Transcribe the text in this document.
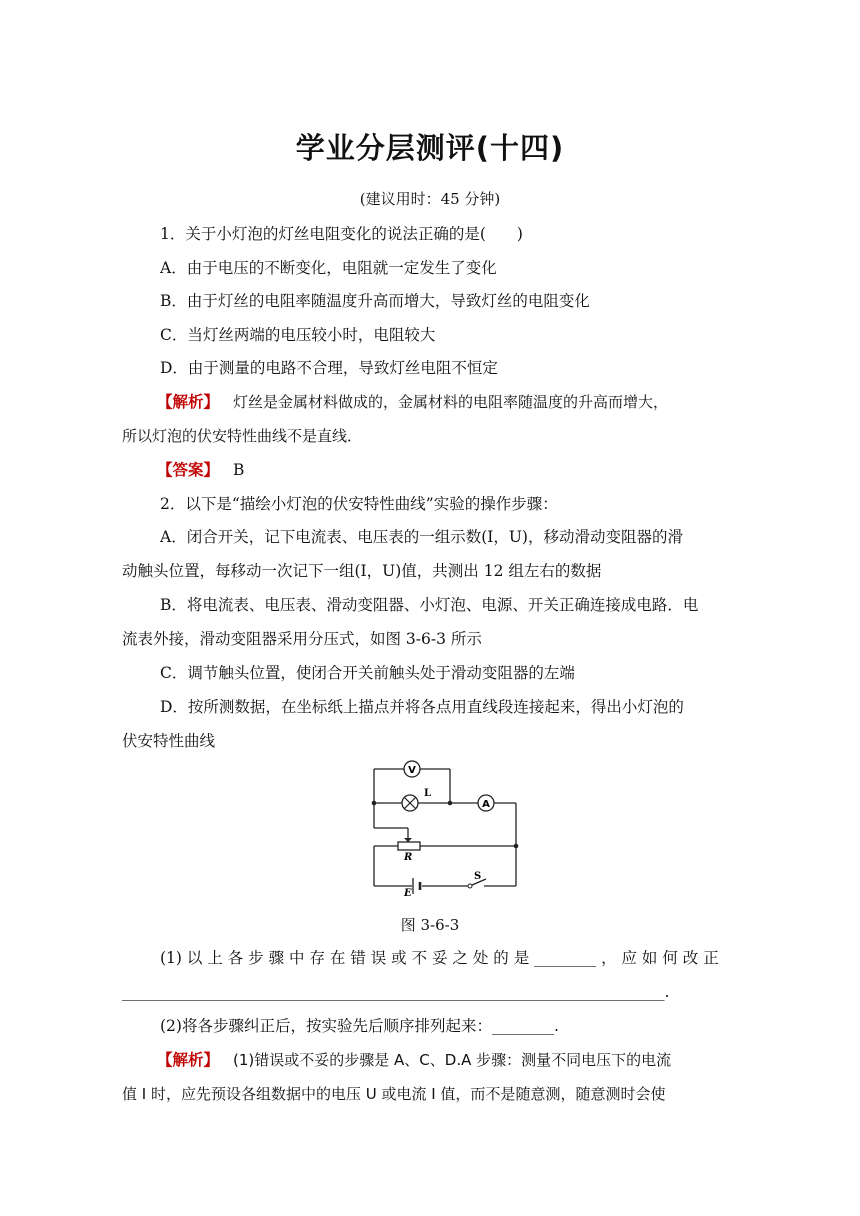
学业分层测评(十四)
(建议用时：45 分钟)
1．关于小灯泡的灯丝电阻变化的说法正确的是(　　)
A．由于电压的不断变化，电阻就一定发生了变化
B．由于灯丝的电阻率随温度升高而增大，导致灯丝的电阻变化
C．当灯丝两端的电压较小时，电阻较大
D．由于测量的电路不合理，导致灯丝电阻不恒定
【解析】 灯丝是金属材料做成的，金属材料的电阻率随温度的升高而增大，
所以灯泡的伏安特性曲线不是直线．
【答案】 B
2．以下是“描绘小灯泡的伏安特性曲线”实验的操作步骤：
A．闭合开关，记下电流表、电压表的一组示数(I，U)，移动滑动变阻器的滑
动触头位置，每移动一次记下一组(I，U)值，共测出 12 组左右的数据
B．将电流表、电压表、滑动变阻器、小灯泡、电源、开关正确连接成电路．电
流表外接，滑动变阻器采用分压式，如图 3-6-3 所示
C．调节触头位置，使闭合开关前触头处于滑动变阻器的左端
D．按所测数据，在坐标纸上描点并将各点用直线段连接起来，得出小灯泡的
伏安特性曲线
V
L
A
R
E
S
图 3-6-3
(1) 以 上 各 步 骤 中 存 在 错 误 或 不 妥 之 处 的 是 ________ ， 应 如 何 改 正
______________________________________________________________________.
(2)将各步骤纠正后，按实验先后顺序排列起来：________.
【解析】 (1)错误或不妥的步骤是 A、C、D.A 步骤：测量不同电压下的电流
值 I 时，应先预设各组数据中的电压 U 或电流 I 值，而不是随意测，随意测时会使
